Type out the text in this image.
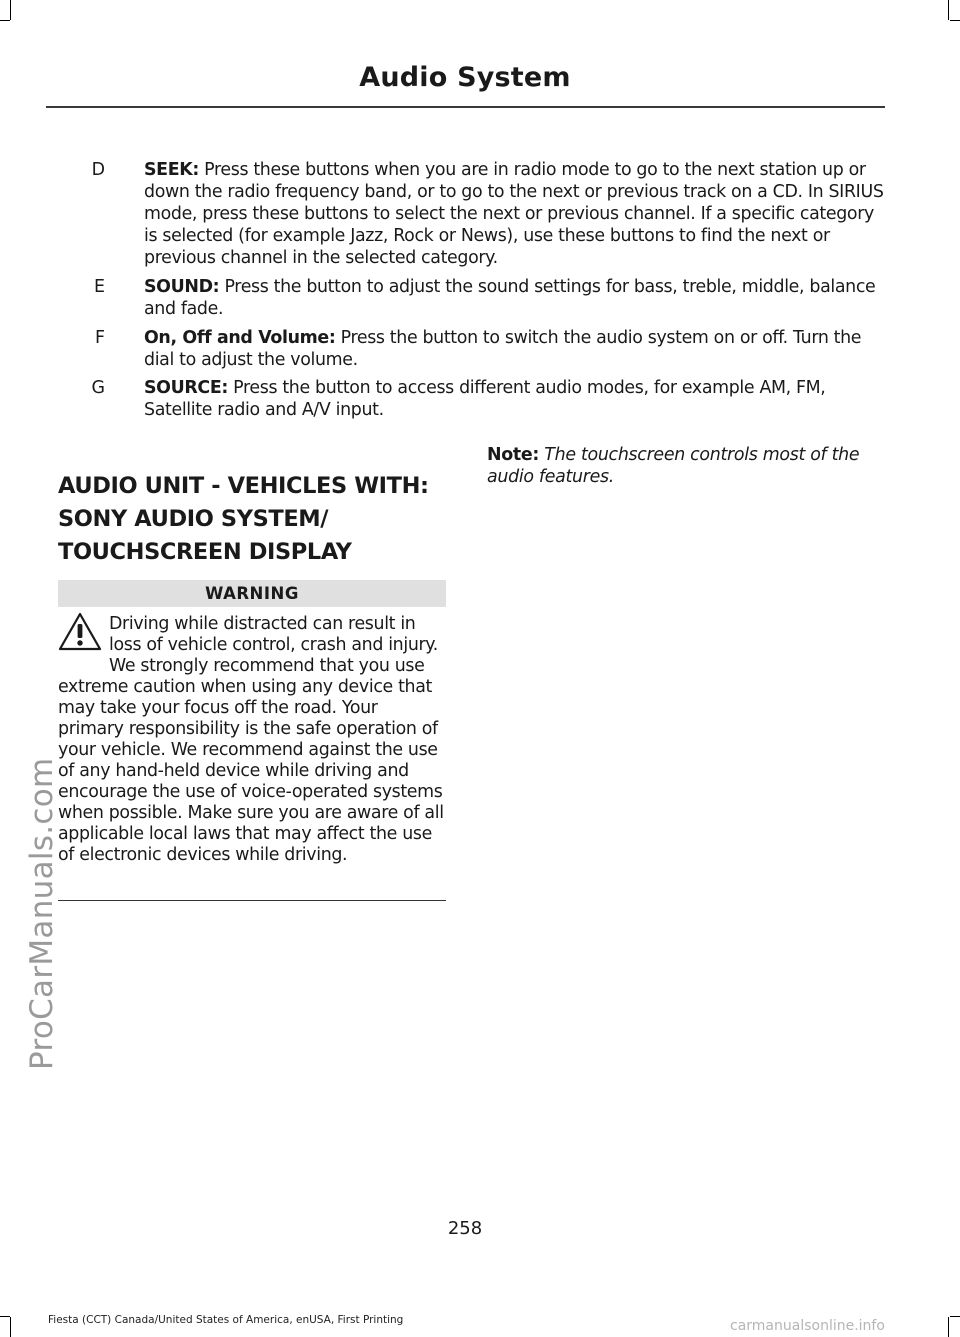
Audio System
D SEEK: Press these buttons when you are in radio mode to go to the next station up or down the radio frequency band, or to go to the next or previous track on a CD. In SIRIUS mode, press these buttons to select the next or previous channel. If a specific category is selected (for example Jazz, Rock or News), use these buttons to find the next or previous channel in the selected category.
E SOUND: Press the button to adjust the sound settings for bass, treble, middle, balance and fade.
F On, Off and Volume: Press the button to switch the audio system on or off. Turn the dial to adjust the volume.
G SOURCE: Press the button to access different audio modes, for example AM, FM, Satellite radio and A/V input.
AUDIO UNIT - VEHICLES WITH:
SONY AUDIO SYSTEM/
TOUCHSCREEN DISPLAY
WARNING
Driving while distracted can result in loss of vehicle control, crash and injury. We strongly recommend that you use extreme caution when using any device that may take your focus off the road. Your primary responsibility is the safe operation of your vehicle. We recommend against the use of any hand-held device while driving and encourage the use of voice-operated systems when possible. Make sure you are aware of all applicable local laws that may affect the use of electronic devices while driving.
Note: The touchscreen controls most of the audio features.
258
Fiesta (CCT) Canada/United States of America, enUSA, First Printing
ProCarManuals.com
carmanualsonline.info
